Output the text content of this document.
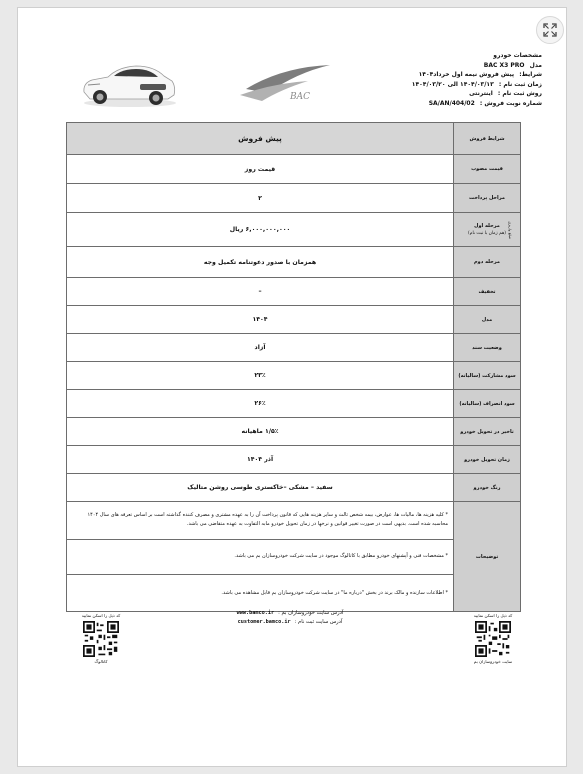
BAC
مشخصات خودرو
مدل BAC X3 PRO
شرایط: پیش فروش نیمه اول خرداد۱۴۰۴
زمان ثبت نام : ۱۴۰۴/۰۳/۱۳ الی ۱۴۰۴/۰۳/۲۰
روش ثبت نام : اینترنتی
شماره نوبت فروش : SA/AN/404/02
شرایط فروش
پیش فروش
قیمت مصوب
قیمت روز
مراحل پرداخت
۲
مرحله اول
(هم زمان با ثبت نام) مبلغ واریزی
۶,۰۰۰,۰۰۰,۰۰۰ ریال
مرحله دوم
همزمان با صدور دعوتنامه تکمیل وجه
تخفیف
–
مدل
۱۴۰۴
وضعیت سند
آزاد
سود مشارکت (سالیانه)
۲۳٪
سود انصراف (سالیانه)
۲۶٪
تاخیر در تحویل خودرو
۱/۵٪ ماهیانه
زمان تحویل خودرو
آذر ۱۴۰۴
رنگ خودرو
سفید – مشکی –خاکستری طوسی روشن متالیک
توضیحات
* کلیه هزینه ها، مالیات ها، عوارض، بیمه شخص ثالث و سایر هزینه هایی که قانون پرداخت آن را به عهده مشتری و مصرف کننده گذاشته است بر اساس تعرفه های سال ۱۴۰۴ محاسبه شده است. بدیهی است در صورت تغییر قوانین و نرخها در زمان تحویل خودرو مابه التفاوت به عهده متقاضی می باشد.
* مشخصات فنی و آپشنهای خودرو مطابق با کاتالوگ موجود در سایت شرکت خودروسازان بم می باشد.
* اطلاعات سازنده و مالک برند در بخش "درباره ما" در سایت شرکت خودروسازان بم قابل مشاهده می باشد.
کد ذیل را اسکن نمایید
کاتالوگ
آدرس سایت خودروسازان بم :
www.bamco.ir
آدرس سایت ثبت نام :
customer.bamco.ir
کد ذیل را اسکن نمایید
سایت خودروسازان بم
